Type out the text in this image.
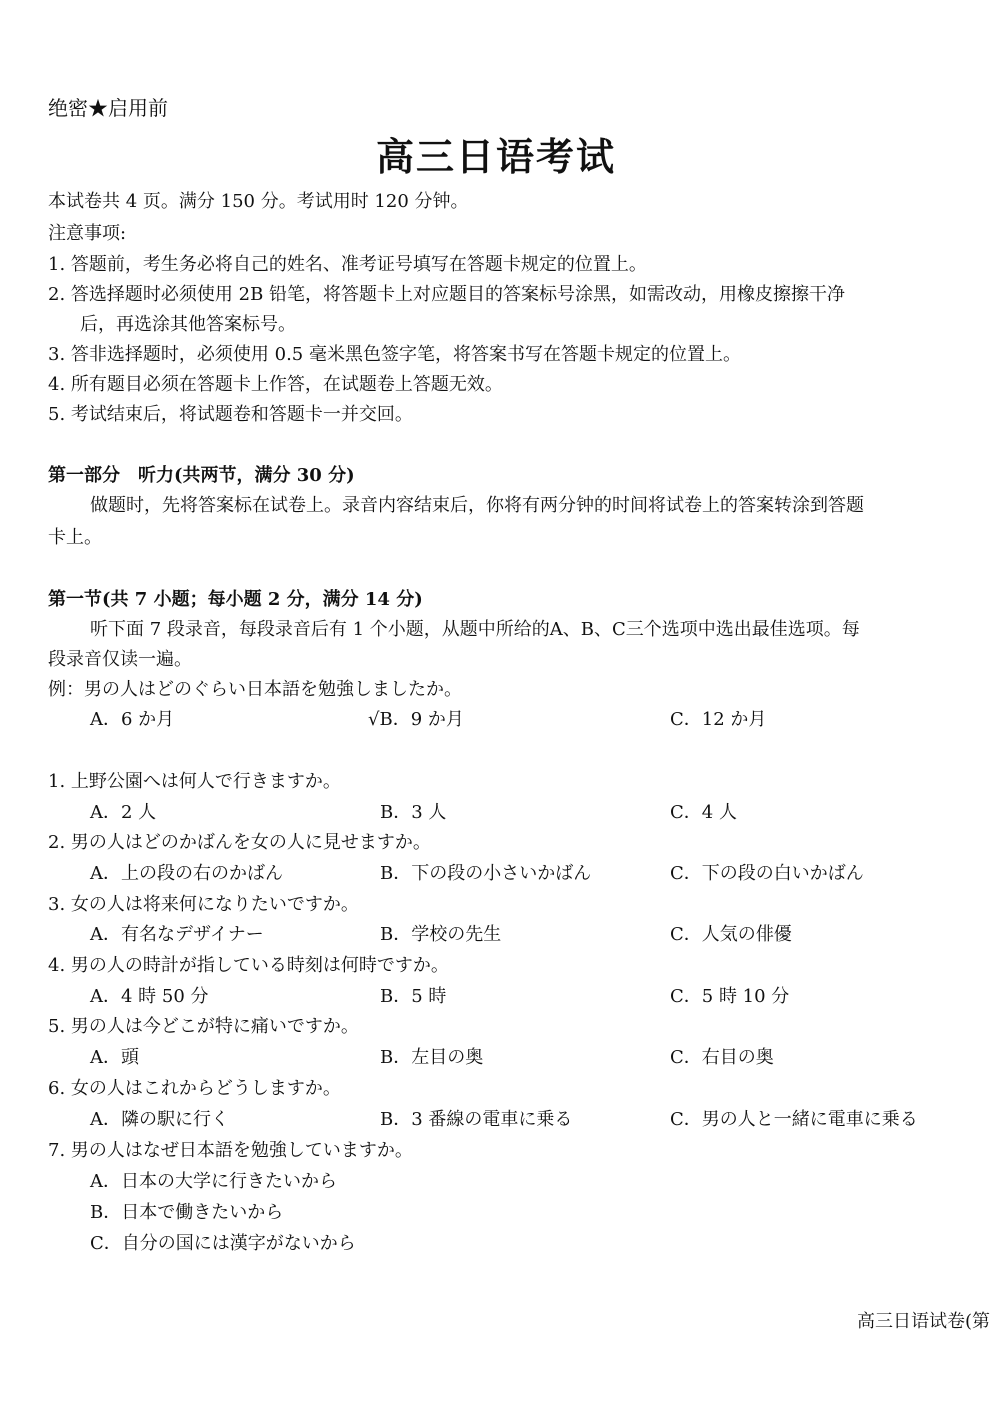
绝密★启用前
高三日语考试
本试卷共 4 页。满分 150 分。考试用时 120 分钟。
注意事项:
1. 答题前，考生务必将自己的姓名、准考证号填写在答题卡规定的位置上。
2. 答选择题时必须使用 2B 铅笔，将答题卡上对应题目的答案标号涂黑，如需改动，用橡皮擦擦干净
后，再选涂其他答案标号。
3. 答非选择题时，必须使用 0.5 毫米黑色签字笔，将答案书写在答题卡规定的位置上。
4. 所有题目必须在答题卡上作答，在试题卷上答题无效。
5. 考试结束后，将试题卷和答题卡一并交回。
第一部分　听力(共两节，满分 30 分)
做题时，先将答案标在试卷上。录音内容结束后，你将有两分钟的时间将试卷上的答案转涂到答题
卡上。
第一节(共 7 小题；每小题 2 分，满分 14 分)
听下面 7 段录音，每段录音后有 1 个小题，从题中所给的A、B、C三个选项中选出最佳选项。每
段录音仅读一遍。
例：男の人はどのぐらい日本語を勉強しましたか。
A．6 か月	√B．9 か月	C．12 か月
1. 上野公園へは何人で行きますか。
A．2 人	B．3 人	C．4 人
2. 男の人はどのかばんを女の人に見せますか。
A．上の段の右のかばん	B．下の段の小さいかばん	C．下の段の白いかばん
3. 女の人は将来何になりたいですか。
A．有名なデザイナー	B．学校の先生	C．人気の俳優
4. 男の人の時計が指している時刻は何時ですか。
A．4 時 50 分	B．5 時	C．5 時 10 分
5. 男の人は今どこが特に痛いですか。
A．頭	B．左目の奥	C．右目の奥
6. 女の人はこれからどうしますか。
A．隣の駅に行く	B．3 番線の電車に乗る	C．男の人と一緒に電車に乗る
7. 男の人はなぜ日本語を勉強していますか。
A．日本の大学に行きたいから
B．日本で働きたいから
C．自分の国には漢字がないから
高三日语试卷(第
